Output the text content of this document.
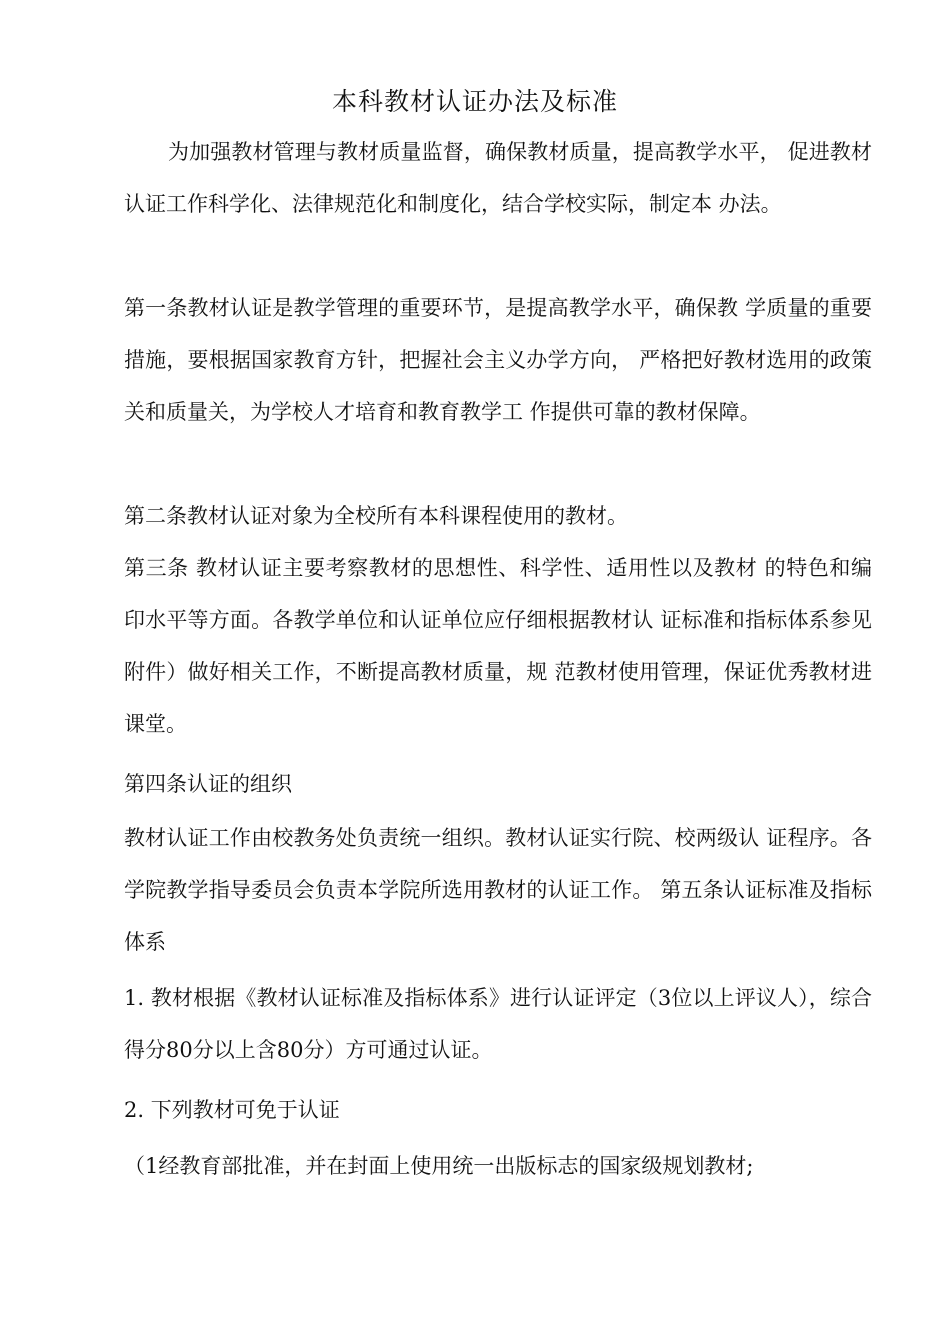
本科教材认证办法及标准
为加强教材管理与教材质量监督，确保教材质量，提高教学水平， 促进教材认证工作科学化、法律规范化和制度化，结合学校实际，制定本 办法。
第一条教材认证是教学管理的重要环节，是提高教学水平，确保教 学质量的重要措施，要根据国家教育方针，把握社会主义办学方向， 严格把好教材选用的政策关和质量关，为学校人才培育和教育教学工 作提供可靠的教材保障。
第二条教材认证对象为全校所有本科课程使用的教材。
第三条 教材认证主要考察教材的思想性、科学性、适用性以及教材 的特色和编印水平等方面。各教学单位和认证单位应仔细根据教材认 证标准和指标体系参见附件）做好相关工作，不断提高教材质量，规 范教材使用管理，保证优秀教材进课堂。
第四条认证的组织
教材认证工作由校教务处负责统一组织。教材认证实行院、校两级认 证程序。各学院教学指导委员会负责本学院所选用教材的认证工作。 第五条认证标准及指标体系
1. 教材根据《教材认证标准及指标体系》进行认证评定（3位以上评议人），综合得分80分以上含80分）方可通过认证。
2. 下列教材可免于认证
（1经教育部批准，并在封面上使用统一出版标志的国家级规划教材;
